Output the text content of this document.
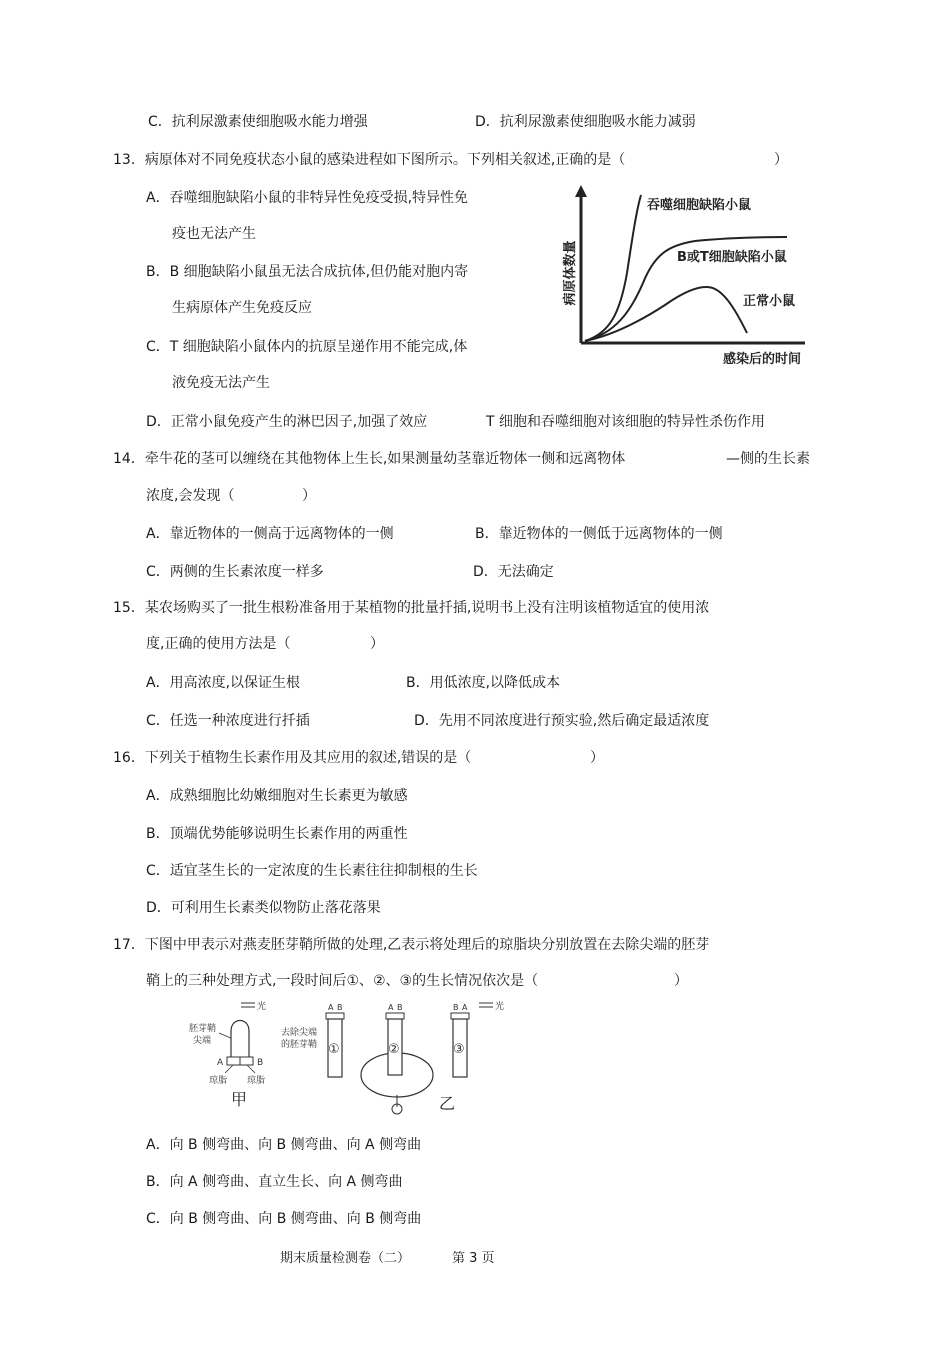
C．抗利尿激素使细胞吸水能力增强	D．抗利尿激素使细胞吸水能力减弱
13．病原体对不同免疫状态小鼠的感染进程如下图所示。下列相关叙述,正确的是（	）
A．吞噬细胞缺陷小鼠的非特异性免疫受损,特异性免
疫也无法产生
B．B 细胞缺陷小鼠虽无法合成抗体,但仍能对胞内寄
生病原体产生免疫反应
C．T 细胞缺陷小鼠体内的抗原呈递作用不能完成,体
液免疫无法产生
D．正常小鼠免疫产生的淋巴因子,加强了效应	T 细胞和吞噬细胞对该细胞的特异性杀伤作用
病原体数量
感染后的时间
吞噬细胞缺陷小鼠
B或T细胞缺陷小鼠
正常小鼠
14．牵牛花的茎可以缠绕在其他物体上生长,如果测量幼茎靠近物体一侧和远离物体	—侧的生长素
浓度,会发现（	）
A．靠近物体的一侧高于远离物体的一侧	B．靠近物体的一侧低于远离物体的一侧
C．两侧的生长素浓度一样多	D．无法确定
15．某农场购买了一批生根粉准备用于某植物的批量扦插,说明书上没有注明该植物适宜的使用浓
度,正确的使用方法是（	）
A．用高浓度,以保证生根	B．用低浓度,以降低成本
C．任选一种浓度进行扦插	D．先用不同浓度进行预实验,然后确定最适浓度
16．下列关于植物生长素作用及其应用的叙述,错误的是（	）
A．成熟细胞比幼嫩细胞对生长素更为敏感
B．顶端优势能够说明生长素作用的两重性
C．适宜茎生长的一定浓度的生长素往往抑制根的生长
D．可利用生长素类似物防止落花落果
17．下图中甲表示对燕麦胚芽鞘所做的处理,乙表示将处理后的琼脂块分别放置在去除尖端的胚芽
鞘上的三种处理方式,一段时间后①、②、③的生长情况依次是（	）
光
胚芽鞘
尖端
A	B
琼脂 琼脂
甲
去除尖端
的胚芽鞘
A B
①
A B
②
乙
B A	光
③
A．向 B 侧弯曲、向 B 侧弯曲、向 A 侧弯曲
B．向 A 侧弯曲、直立生长、向 A 侧弯曲
C．向 B 侧弯曲、向 B 侧弯曲、向 B 侧弯曲
期末质量检测卷（二）	第 3 页
